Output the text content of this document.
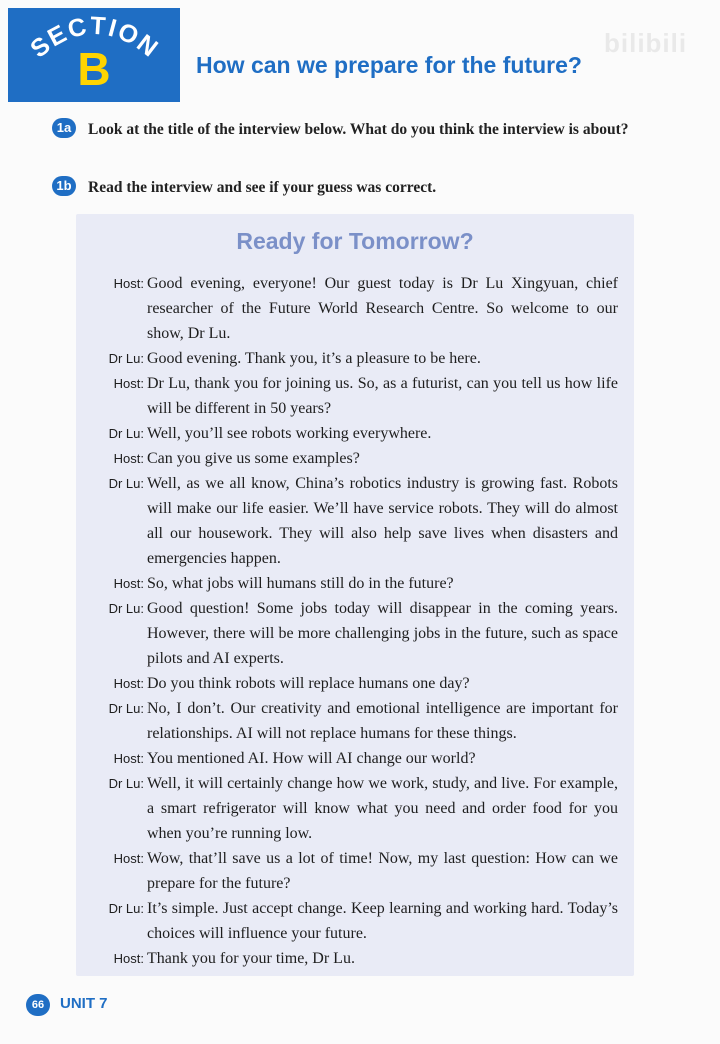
SECTION
B	How can we prepare for the future?
bilibili
1a	Look at the title of the interview below. What do you think the interview is about?
1b Read the interview and see if your guess was correct.
Ready for Tomorrow?
Host: Good evening, everyone! Our guest today is Dr Lu Xingyuan, chief researcher of the Future World Research Centre. So welcome to our show, Dr Lu.
Dr Lu: Good evening. Thank you, it’s a pleasure to be here.
Host: Dr Lu, thank you for joining us. So, as a futurist, can you tell us how life will be different in 50 years?
Dr Lu: Well, you’ll see robots working everywhere.
Host: Can you give us some examples?
Dr Lu: Well, as we all know, China’s robotics industry is growing fast. Robots will make our life easier. We’ll have service robots. They will do almost all our housework. They will also help save lives when disasters and emergencies happen.
Host: So, what jobs will humans still do in the future?
Dr Lu: Good question! Some jobs today will disappear in the coming years. However, there will be more challenging jobs in the future, such as space pilots and AI experts.
Host: Do you think robots will replace humans one day?
Dr Lu: No, I don’t. Our creativity and emotional intelligence are important for relationships. AI will not replace humans for these things.
Host: You mentioned AI. How will AI change our world?
Dr Lu: Well, it will certainly change how we work, study, and live. For example, a smart refrigerator will know what you need and order food for you when you’re running low.
Host: Wow, that’ll save us a lot of time! Now, my last question: How can we prepare for the future?
Dr Lu: It’s simple. Just accept change. Keep learning and working hard. Today’s choices will influence your future.
Host: Thank you for your time, Dr Lu.
66	UNIT 7
